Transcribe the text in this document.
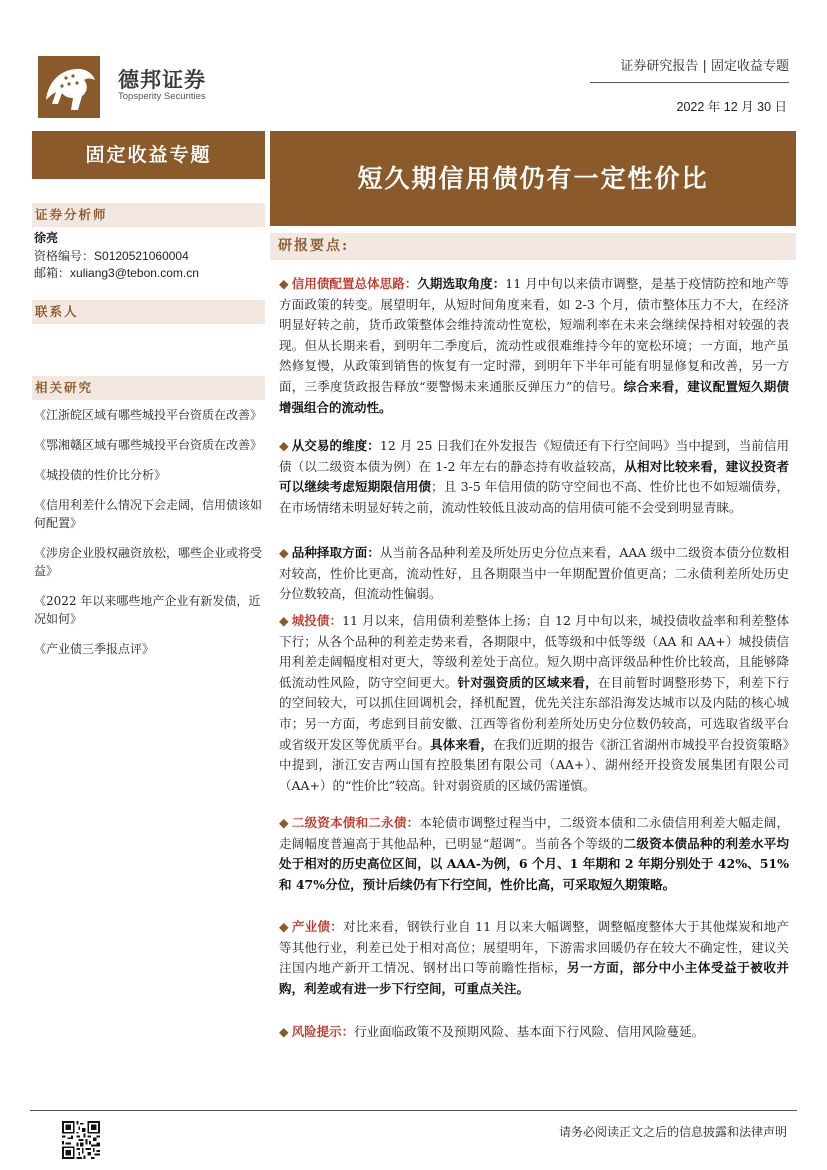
德邦证券
Topsperity Securities
证券研究报告 | 固定收益专题
2022 年 12 月 30 日
固定收益专题
短久期信用债仍有一定性价比
证券分析师
徐亮
资格编号：S0120521060004
邮箱：xuliang3@tebon.com.cn
联系人
相关研究
《江浙皖区域有哪些城投平台资质在改善》
《鄂湘赣区域有哪些城投平台资质在改善》
《城投债的性价比分析》
《信用利差什么情况下会走阔，信用债该如何配置》
《涉房企业股权融资放松，哪些企业或将受益》
《2022 年以来哪些地产企业有新发债，近况如何》
《产业债三季报点评》
研报要点:
◆ 信用债配置总体思路：久期选取角度：11 月中旬以来债市调整，是基于疫情防控和地产等方面政策的转变。展望明年，从短时间角度来看，如 2-3 个月，债市整体压力不大，在经济明显好转之前，货币政策整体会维持流动性宽松，短端利率在未来会继续保持相对较强的表现。但从长期来看，到明年二季度后，流动性或很难维持今年的宽松环境；一方面，地产虽然修复慢，从政策到销售的恢复有一定时滞，到明年下半年可能有明显修复和改善，另一方面，三季度货政报告释放“要警惕未来通胀反弹压力”的信号。综合来看，建议配置短久期债增强组合的流动性。
◆ 从交易的维度：12 月 25 日我们在外发报告《短债还有下行空间吗》当中提到，当前信用债（以二级资本债为例）在 1-2 年左右的静态持有收益较高，从相对比较来看，建议投资者可以继续考虑短期限信用债；且 3-5 年信用债的防守空间也不高、性价比也不如短端债券，在市场情绪未明显好转之前，流动性较低且波动高的信用债可能不会受到明显青睐。
◆ 品种择取方面：从当前各品种利差及所处历史分位点来看，AAA 级中二级资本债分位数相对较高，性价比更高，流动性好，且各期限当中一年期配置价值更高；二永债利差所处历史分位数较高，但流动性偏弱。
◆ 城投债：11 月以来，信用债利差整体上扬；自 12 月中旬以来，城投债收益率和利差整体下行；从各个品种的利差走势来看，各期限中，低等级和中低等级（AA 和 AA+）城投债信用利差走阔幅度相对更大，等级利差处于高位。短久期中高评级品种性价比较高，且能够降低流动性风险，防守空间更大。针对强资质的区域来看，在目前暂时调整形势下，利差下行的空间较大，可以抓住回调机会，择机配置，优先关注东部沿海发达城市以及内陆的核心城市；另一方面，考虑到目前安徽、江西等省份利差所处历史分位数仍较高，可选取省级平台或省级开发区等优质平台。具体来看，在我们近期的报告《浙江省湖州市城投平台投资策略》中提到，浙江安吉两山国有控股集团有限公司（AA+）、湖州经开投资发展集团有限公司（AA+）的“性价比”较高。针对弱资质的区域仍需谨慎。
◆ 二级资本债和二永债：本轮债市调整过程当中，二级资本债和二永债信用利差大幅走阔，走阔幅度普遍高于其他品种，已明显“超调”。当前各个等级的二级资本债品种的利差水平均处于相对的历史高位区间，以 AAA-为例，6 个月、1 年期和 2 年期分别处于 42%、51%和 47%分位，预计后续仍有下行空间，性价比高，可采取短久期策略。
◆ 产业债：对比来看，钢铁行业自 11 月以来大幅调整，调整幅度整体大于其他煤炭和地产等其他行业，利差已处于相对高位；展望明年，下游需求回暖仍存在较大不确定性，建议关注国内地产新开工情况、钢材出口等前瞻性指标，另一方面，部分中小主体受益于被收并购，利差或有进一步下行空间，可重点关注。
◆ 风险提示：行业面临政策不及预期风险、基本面下行风险、信用风险蔓延。
请务必阅读正文之后的信息披露和法律声明
